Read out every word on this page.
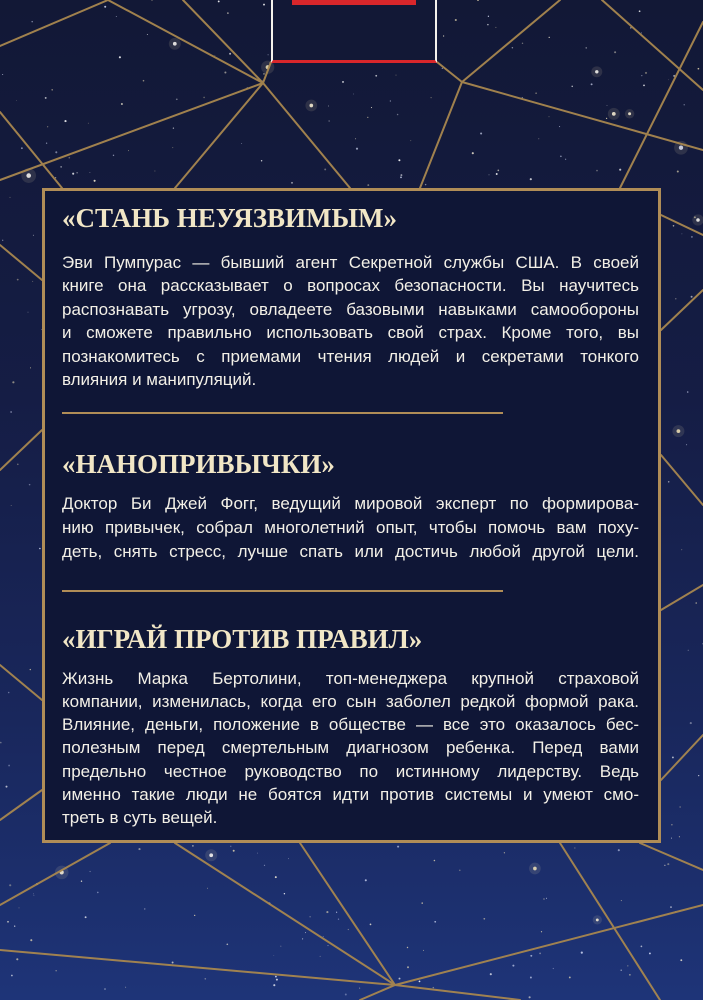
«СТАНЬ НЕУЯЗВИМЫМ»
Эви Пумпурас — бывший агент Секретной службы США. В своей
книге она рассказывает о вопросах безопасности. Вы научитесь
распознавать угрозу, овладеете базовыми навыками самообороны
и сможете правильно использовать свой страх. Кроме того, вы
познакомитесь с приемами чтения людей и секретами тонкого
влияния и манипуляций.
«НАНОПРИВЫЧКИ»
Доктор Би Джей Фогг, ведущий мировой эксперт по формирова-
нию привычек, собрал многолетний опыт, чтобы помочь вам поху-
деть, снять стресс, лучше спать или достичь любой другой цели.
«ИГРАЙ ПРОТИВ ПРАВИЛ»
Жизнь Марка Бертолини, топ-менеджера крупной страховой
компании, изменилась, когда его сын заболел редкой формой рака.
Влияние, деньги, положение в обществе — все это оказалось бес-
полезным перед смертельным диагнозом ребенка. Перед вами
предельно честное руководство по истинному лидерству. Ведь
именно такие люди не боятся идти против системы и умеют смо-
треть в суть вещей.
